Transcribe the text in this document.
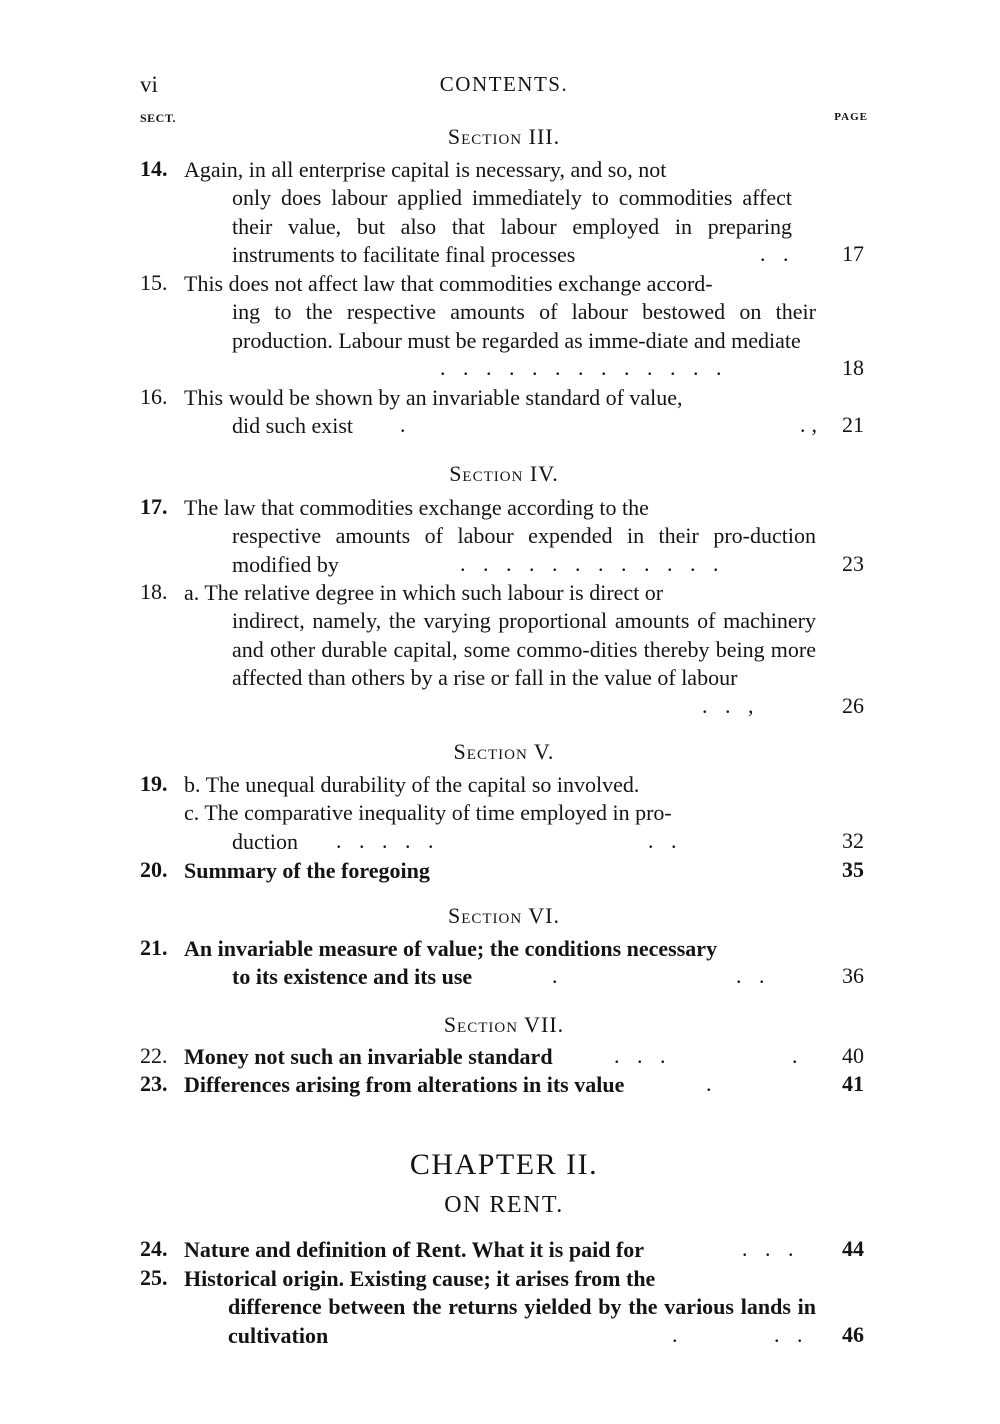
vi	CONTENTS.
SECT.	PAGE
Section III.
14. Again, in all enterprise capital is necessary, and so, not
only does labour applied immediately to commodities affect their value, but also that labour employed in preparing instruments to facilitate final processes	. . 17
15. This does not affect law that commodities exchange accord-
ing to the respective amounts of labour bestowed on their production. Labour must be regarded as imme-diate and mediate
. . . . . . . . . . . . .	18
16. This would be shown by an invariable standard of value,
did such exist	.	., 21
Section IV.
17. The law that commodities exchange according to the
respective amounts of labour expended in their pro-duction modified by	. . . . . . . . . . . .	23
18. a. The relative degree in which such labour is direct or
indirect, namely, the varying proportional amounts of machinery and other durable capital, some commo-dities thereby being more affected than others by a rise or fall in the value of labour
. . ,	26
Section V.
19. b. The unequal durability of the capital so involved.
c. The comparative inequality of time employed in pro-
duction	. . . . .	. .	32
20. Summary of the foregoing	35
Section VI.
21. An invariable measure of value; the conditions necessary
to its existence and its use	.	. .	36
Section VII.
22. Money not such an invariable standard	. . .	. 40
23. Differences arising from alterations in its value	.	41
CHAPTER II.
ON RENT.
24. Nature and definition of Rent. What it is paid for	. . . 44
25. Historical origin. Existing cause; it arises from the
difference between the returns yielded by the various lands in cultivation	.	. . 46
